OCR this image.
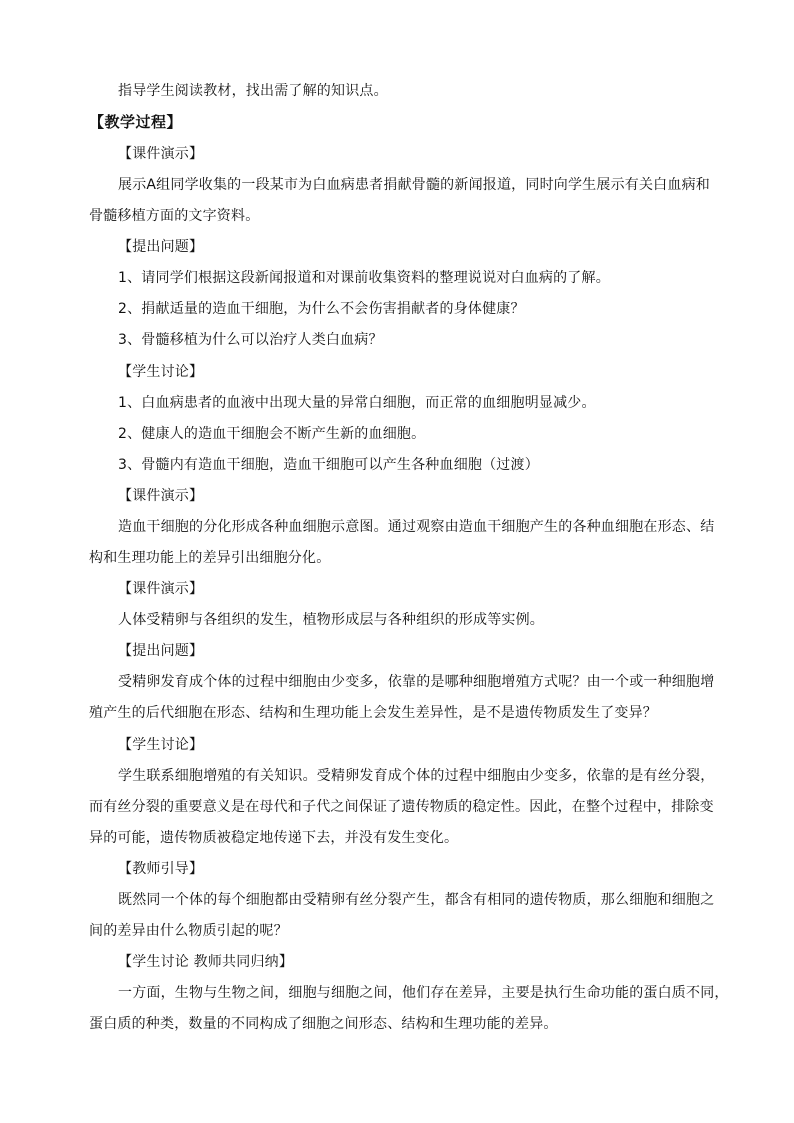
指导学生阅读教材，找出需了解的知识点。
【教学过程】
【课件演示】
展示A组同学收集的一段某市为白血病患者捐献骨髓的新闻报道，同时向学生展示有关白血病和
骨髓移植方面的文字资料。
【提出问题】
1、请同学们根据这段新闻报道和对课前收集资料的整理说说对白血病的了解。
2、捐献适量的造血干细胞，为什么不会伤害捐献者的身体健康？
3、骨髓移植为什么可以治疗人类白血病？
【学生讨论】
1、白血病患者的血液中出现大量的异常白细胞，而正常的血细胞明显减少。
2、健康人的造血干细胞会不断产生新的血细胞。
3、骨髓内有造血干细胞，造血干细胞可以产生各种血细胞（过渡）
【课件演示】
造血干细胞的分化形成各种血细胞示意图。通过观察由造血干细胞产生的各种血细胞在形态、结
构和生理功能上的差异引出细胞分化。
【课件演示】
人体受精卵与各组织的发生，植物形成层与各种组织的形成等实例。
【提出问题】
受精卵发育成个体的过程中细胞由少变多，依靠的是哪种细胞增殖方式呢？由一个或一种细胞增
殖产生的后代细胞在形态、结构和生理功能上会发生差异性，是不是遗传物质发生了变异？
【学生讨论】
学生联系细胞增殖的有关知识。受精卵发育成个体的过程中细胞由少变多，依靠的是有丝分裂，
而有丝分裂的重要意义是在母代和子代之间保证了遗传物质的稳定性。因此，在整个过程中，排除变
异的可能，遗传物质被稳定地传递下去，并没有发生变化。
【教师引导】
既然同一个体的每个细胞都由受精卵有丝分裂产生，都含有相同的遗传物质，那么细胞和细胞之
间的差异由什么物质引起的呢？
【学生讨论 教师共同归纳】
一方面，生物与生物之间，细胞与细胞之间，他们存在差异，主要是执行生命功能的蛋白质不同，
蛋白质的种类，数量的不同构成了细胞之间形态、结构和生理功能的差异。
